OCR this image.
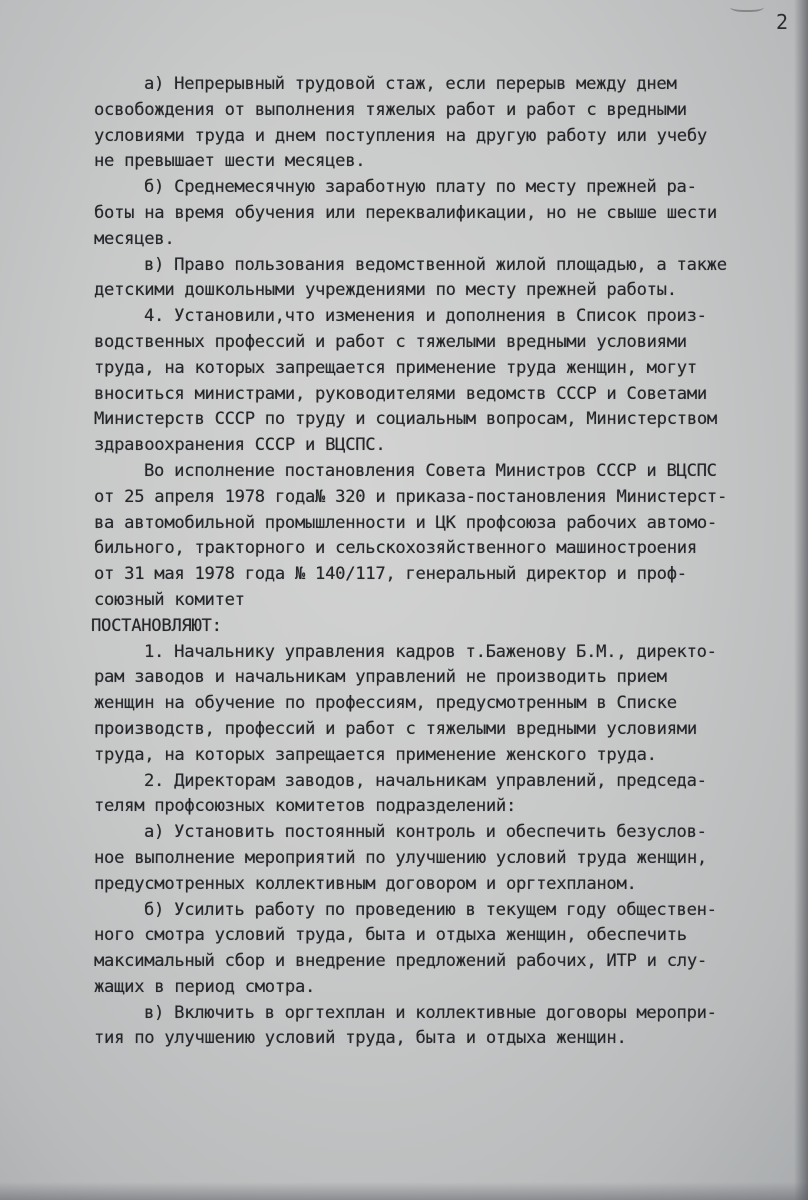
2
а) Непрерывный трудовой стаж, если перерыв между днем
освобождения от выполнения тяжелых работ и работ с вредными
условиями труда и днем поступления на другую работу или учебу
не превышает шести месяцев.
б) Среднемесячную заработную плату по месту прежней ра-
боты на время обучения или переквалификации, но не свыше шести
месяцев.
в) Право пользования ведомственной жилой площадью, а также
детскими дошкольными учреждениями по месту прежней работы.
4. Установили,что изменения и дополнения в Список произ-
водственных профессий и работ с тяжелыми вредными условиями
труда, на которых запрещается применение труда женщин, могут
вноситься министрами, руководителями ведомств СССР и Советами
Министерств СССР по труду и социальным вопросам, Министерством
здравоохранения СССР и ВЦСПС.
Во исполнение постановления Совета Министров СССР и ВЦСПС
от 25 апреля 1978 года№ 320 и приказа-постановления Министерст-
ва автомобильной промышленности и ЦК профсоюза рабочих автомо-
бильного, тракторного и сельскохозяйственного машиностроения
от 31 мая 1978 года № 140/117, генеральный директор и проф-
союзный комитет
ПОСТАНОВЛЯЮТ:
1. Начальнику управления кадров т.Баженову Б.М., директо-
рам заводов и начальникам управлений не производить прием
женщин на обучение по профессиям, предусмотренным в Списке
производств, профессий и работ с тяжелыми вредными условиями
труда, на которых запрещается применение женского труда.
2. Директорам заводов, начальникам управлений, председа-
телям профсоюзных комитетов подразделений:
а) Установить постоянный контроль и обеспечить безуслов-
ное выполнение мероприятий по улучшению условий труда женщин,
предусмотренных коллективным договором и оргтехпланом.
б) Усилить работу по проведению в текущем году обществен-
ного смотра условий труда, быта и отдыха женщин, обеспечить
максимальный сбор и внедрение предложений рабочих, ИТР и слу-
жащих в период смотра.
в) Включить в оргтехплан и коллективные договоры меропри-
тия по улучшению условий труда, быта и отдыха женщин.
